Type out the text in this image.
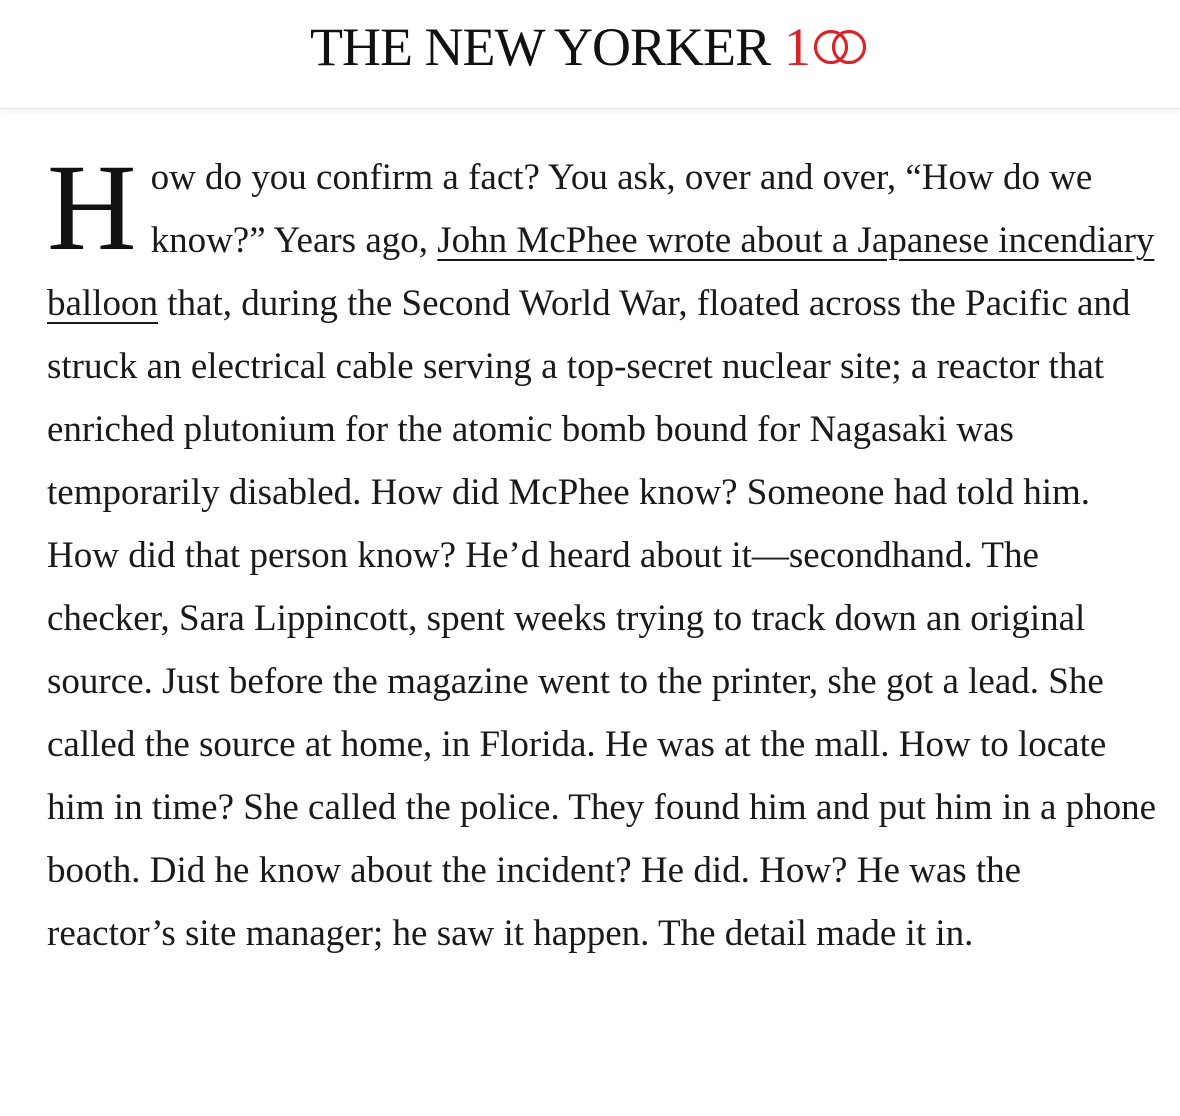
THE NEW YORKER 1

How do you confirm a fact? You ask, over and over, “How do we know?” Years ago, John McPhee wrote about a Japanese incendiary balloon that, during the Second World War, floated across the Pacific and struck an electrical cable serving a top-secret nuclear site; a reactor that enriched plutonium for the atomic bomb bound for Nagasaki was temporarily disabled. How did McPhee know? Someone had told him. How did that person know? He’d heard about it—secondhand. The checker, Sara Lippincott, spent weeks trying to track down an original source. Just before the magazine went to the printer, she got a lead. She called the source at home, in Florida. He was at the mall. How to locate him in time? She called the police. They found him and put him in a phone booth. Did he know about the incident? He did. How? He was the reactor’s site manager; he saw it happen. The detail made it in.
